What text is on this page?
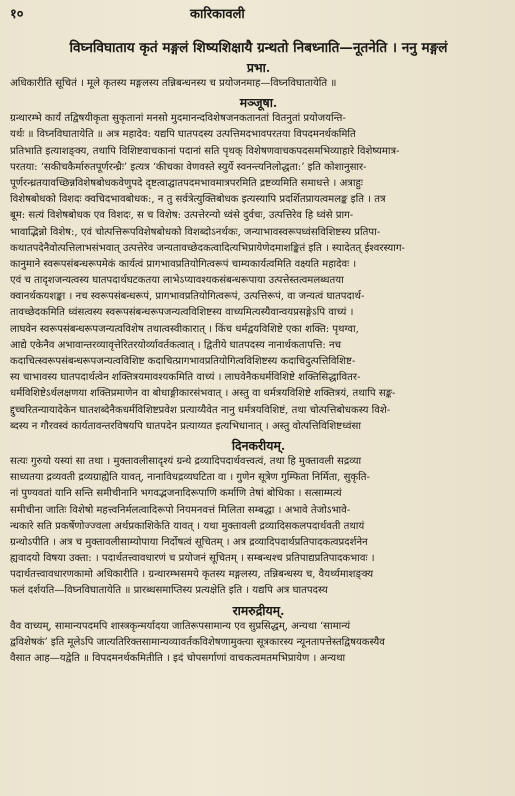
१०	कारिकावली
विघ्नविघाताय कृतं मङ्गलं शिष्यशिक्षायै ग्रन्थतो निबध्नाति—नूतनेति । ननु मङ्गलं
प्रभा.
अधिकारीति सूचितं । मूले कृतस्य मङ्गलस्य तन्निबन्धनस्य च प्रयोजनमाह—विघ्नविघातायेति ॥
मञ्जूषा.
ग्रन्थारम्भे कार्यं तद्विषयीकृता सुकृतानां मनसो मुदमानन्दविशेषजनकतानतां वितनुतां प्रयोजयन्ति-
यर्थः ॥ विघ्नविघातायेति ॥ अत्र महादेव: यद्यपि घातपदस्य उत्पत्तिमदभावपरतया विपदमनर्थकमिति
प्रतिभाति इत्याशङ्क्य, तथापि विशिष्टवाचकानां पदानां सति पृथक् विशेषणवाचकपदसमभिव्याहारे विशेष्यमात्र-
परतया: ‘सकीचकैर्मारुतपूर्णरन्ध्रैः’ इत्यत्र ‘कीचका वेणवस्ते स्युर्ये स्वनन्त्यनिलोद्धता:’ इति कोशानुसार-
पूर्णरन्ध्रतयावच्छिन्नविशेषबोधकवेणुपदे दृष्टत्वाद्घातपदमभावमात्रपरमिति द्रष्टव्यमिति समाधत्ते । अत्राहुः
विशेषबोधको विशदः क्वचिदभावबोधक:, न तु सर्वत्रेत्युक्तिबोधक इत्यस्यापि प्रदर्शितप्रायत्वमलङ्क इति । तत्र
बूम: सत्यं विशेषबोधक एव विशदः, स च विशेष: उत्पत्तेरन्यो ध्वंसे दुर्वचः, उत्पत्तिरेव हि ध्वंसे प्राग-
भावाद्भिन्नो विशेष:, एवं चोत्पत्तिरूपविशेषबोधको विशब्दोऽनर्थकः, जन्याभावस्वरूपध्वंसविशिष्टस्य प्रतिपा-
कथातपदेनैवोत्पत्तिलाभसंभवात् उत्पत्तेरेव जन्यतावच्छेदकत्वादित्यभिप्रायेणेदमाशङ्कितं इति । स्यादेतत् ईश्वरस्याग-
कानुमाने स्वरूपसंबन्धरूपमेकं कार्यत्वं प्रागभावप्रतियोगित्वरूपं चाम्यकार्यत्वमिति वक्ष्यति महादेवः ।
एवं च तादृशजन्यत्वस्य घातपदार्थघटकतया लाभेऽप्यावश्यकसंबन्धरूपाया उत्पत्तेस्तत्वमलब्धतया
क्वानर्थकयशङ्का । नच स्वरूपसंबन्धरूपं, प्रागभावप्रतियोगित्वरूपं, उत्पत्तिरूपं, वा जन्यत्वं घातपदार्थ-
तावच्छेदकमिति ध्वंसत्वस्य स्वरूपसंबन्धरूपजन्यत्वविशिष्टस्य वाच्यमित्यस्यैवान्वयप्रसङ्गेऽपि वाच्यं ।
लाघवेन स्वरूपसंबन्धरूपजन्यत्वविशेष तथात्वस्वीकारात् । किंच धर्मद्वयविशिष्टे एका शक्ति: पृथग्वा,
आद्ये एकेनैव अभावान्तरव्यावृत्तेरितरयोर्व्यावर्तकत्वात् । द्वितीये घातपदस्य नानार्थकतापत्ति: नच
कदाचित्स्वरूपसंबन्धरूपजन्यत्वविशिष्ट कदाचित्प्रागभावप्रतियोगित्वविशिष्टस्य कदाचिदुत्पत्तिविशिष्ट-
स्य चाभावस्य घातपदार्थत्वेन शक्तित्रयमावश्यकमिति वाच्यं । लाघवेनैकधर्मविशिष्टे शक्तिसिद्धावितर-
धर्मविशिष्टेऽर्थलक्षणया शक्तिप्रमाणेन वा बोधाङ्गीकारसंभवात् । अस्तु वा धर्मत्रयविशिष्टे शक्तित्रयं, तथापि सङ्क-
द्दुच्चरितन्यायादेकेन घातशब्देनैकधर्मविशिष्टप्रवेश प्रत्याय्यैवेत नानु धर्मत्रयविशिष्टं, तथा चोत्पत्तिबोधकस्य विशे-
ब्दस्य न गौरवस्वं कार्यतावन्तरविषयपि घातपदेन प्रत्याय्यत इत्यभिधानात् । अस्तु वोत्पत्तिविशिष्टध्वंसा
दिनकरीयम्.
सत्यः गुरुयो यस्यां सा तथा । मुक्तावलीसादृश्यं ग्रन्थे द्रव्यादिपदार्थवत्त्वत्वं, तथा हि मुक्तावली सद्रव्या
साध्यतया द्रव्यवती द्रव्यग्राह्येति यावत्, नानाविधद्रव्यघटिता वा । गुणेन सूत्रेण गुम्फिता निर्मिता, सुकृति-
नां पुण्यवतां यानि सन्ति समीचीनानि भगवद्भजनादिरूपाणि कर्माणि तेषां बोधिका । सत्साम्मत्यं
समीचीना जातिः विशेषो महत्त्वनिर्मलत्वादिरूपो नियमनवत्तं मिलिता सम्बद्धा । अभावे तेजोऽभावे-
न्धकारे सति प्रकर्षेणोज्ज्वला अर्थप्रकाशिकेति यावत् । यथा मुक्तावली द्रव्यादिसकलपदार्थवती तथायं
ग्रन्थोऽपीति । अत्र च मुक्तावलीसाम्योपाया निर्दोषत्वं सूचितम् । अत्र द्रव्यादिपदार्थप्रतिपादकत्वप्रदर्शनेन
ह्यवादयो विषया उक्ता: । पदार्थतत्त्वावधारणं च प्रयोजनं सूचितम् । सम्बन्धश्च प्रतिपाद्यप्रतिपादकभावः ।
पदार्थतत्त्वावधारणकामो अधिकारीति । ग्रन्थारम्भसमये कृतस्य मङ्गलस्य, तन्निबन्धस्य च, वैयर्थ्यमाशङ्क्य
फलं दर्शयति—विघ्नविघातायेति ॥ प्रारब्धसमाप्तिस्य प्रत्यक्षेति इति । यद्यपि अत्र घातपदस्य
रामरुद्रीयम्.
वैव वाच्यम्, सामान्यपदमपि शास्त्रकृन्मर्यादया जातिरूपसामान्य एव सुप्रसिद्धम्, अन्यथा ‘सामान्यं
द्वविशेषकं’ इति मूलेऽपि जात्यतिरिक्तसामान्यव्यावर्तकविशेषणामुक्त्या सूत्रकारस्य न्यूनतापत्तेस्तद्विषयकस्यैव
वैसात आह—यद्वेति ॥ विपदमनर्थकमितीति । इदं चोपसर्गाणां वाचकत्वमतमभिप्रायेण । अन्यथा
